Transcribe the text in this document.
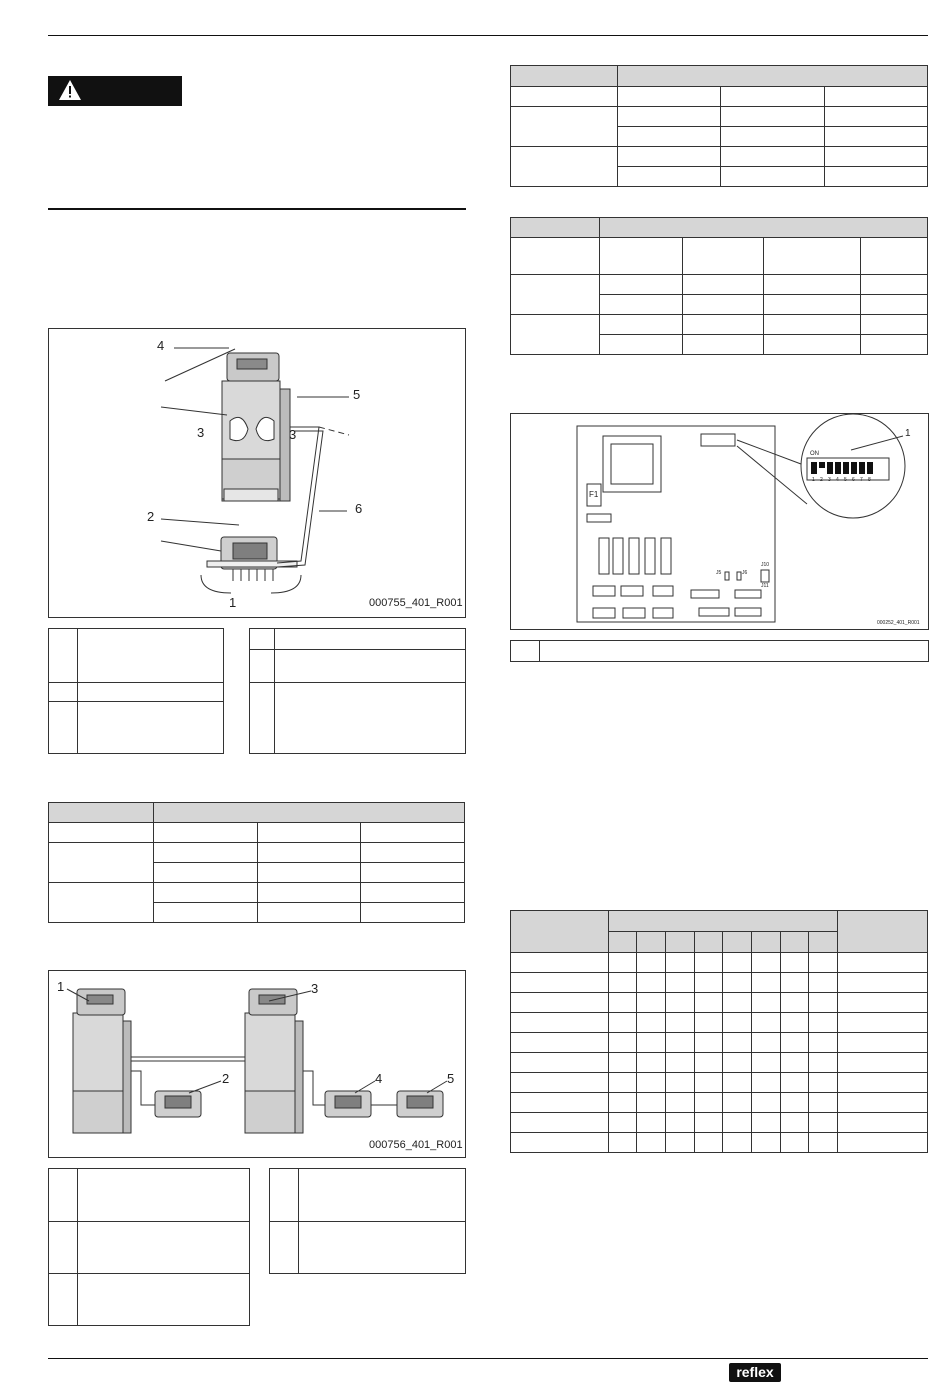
4
5
3	3
2
6
1	000755_401_R001

1	3
2	4	5
000756_401_R001

1
F1
ON
1 2 3 4 5 6 7 8
J5	J6
J10
J11
000252_401_R001

reflex
